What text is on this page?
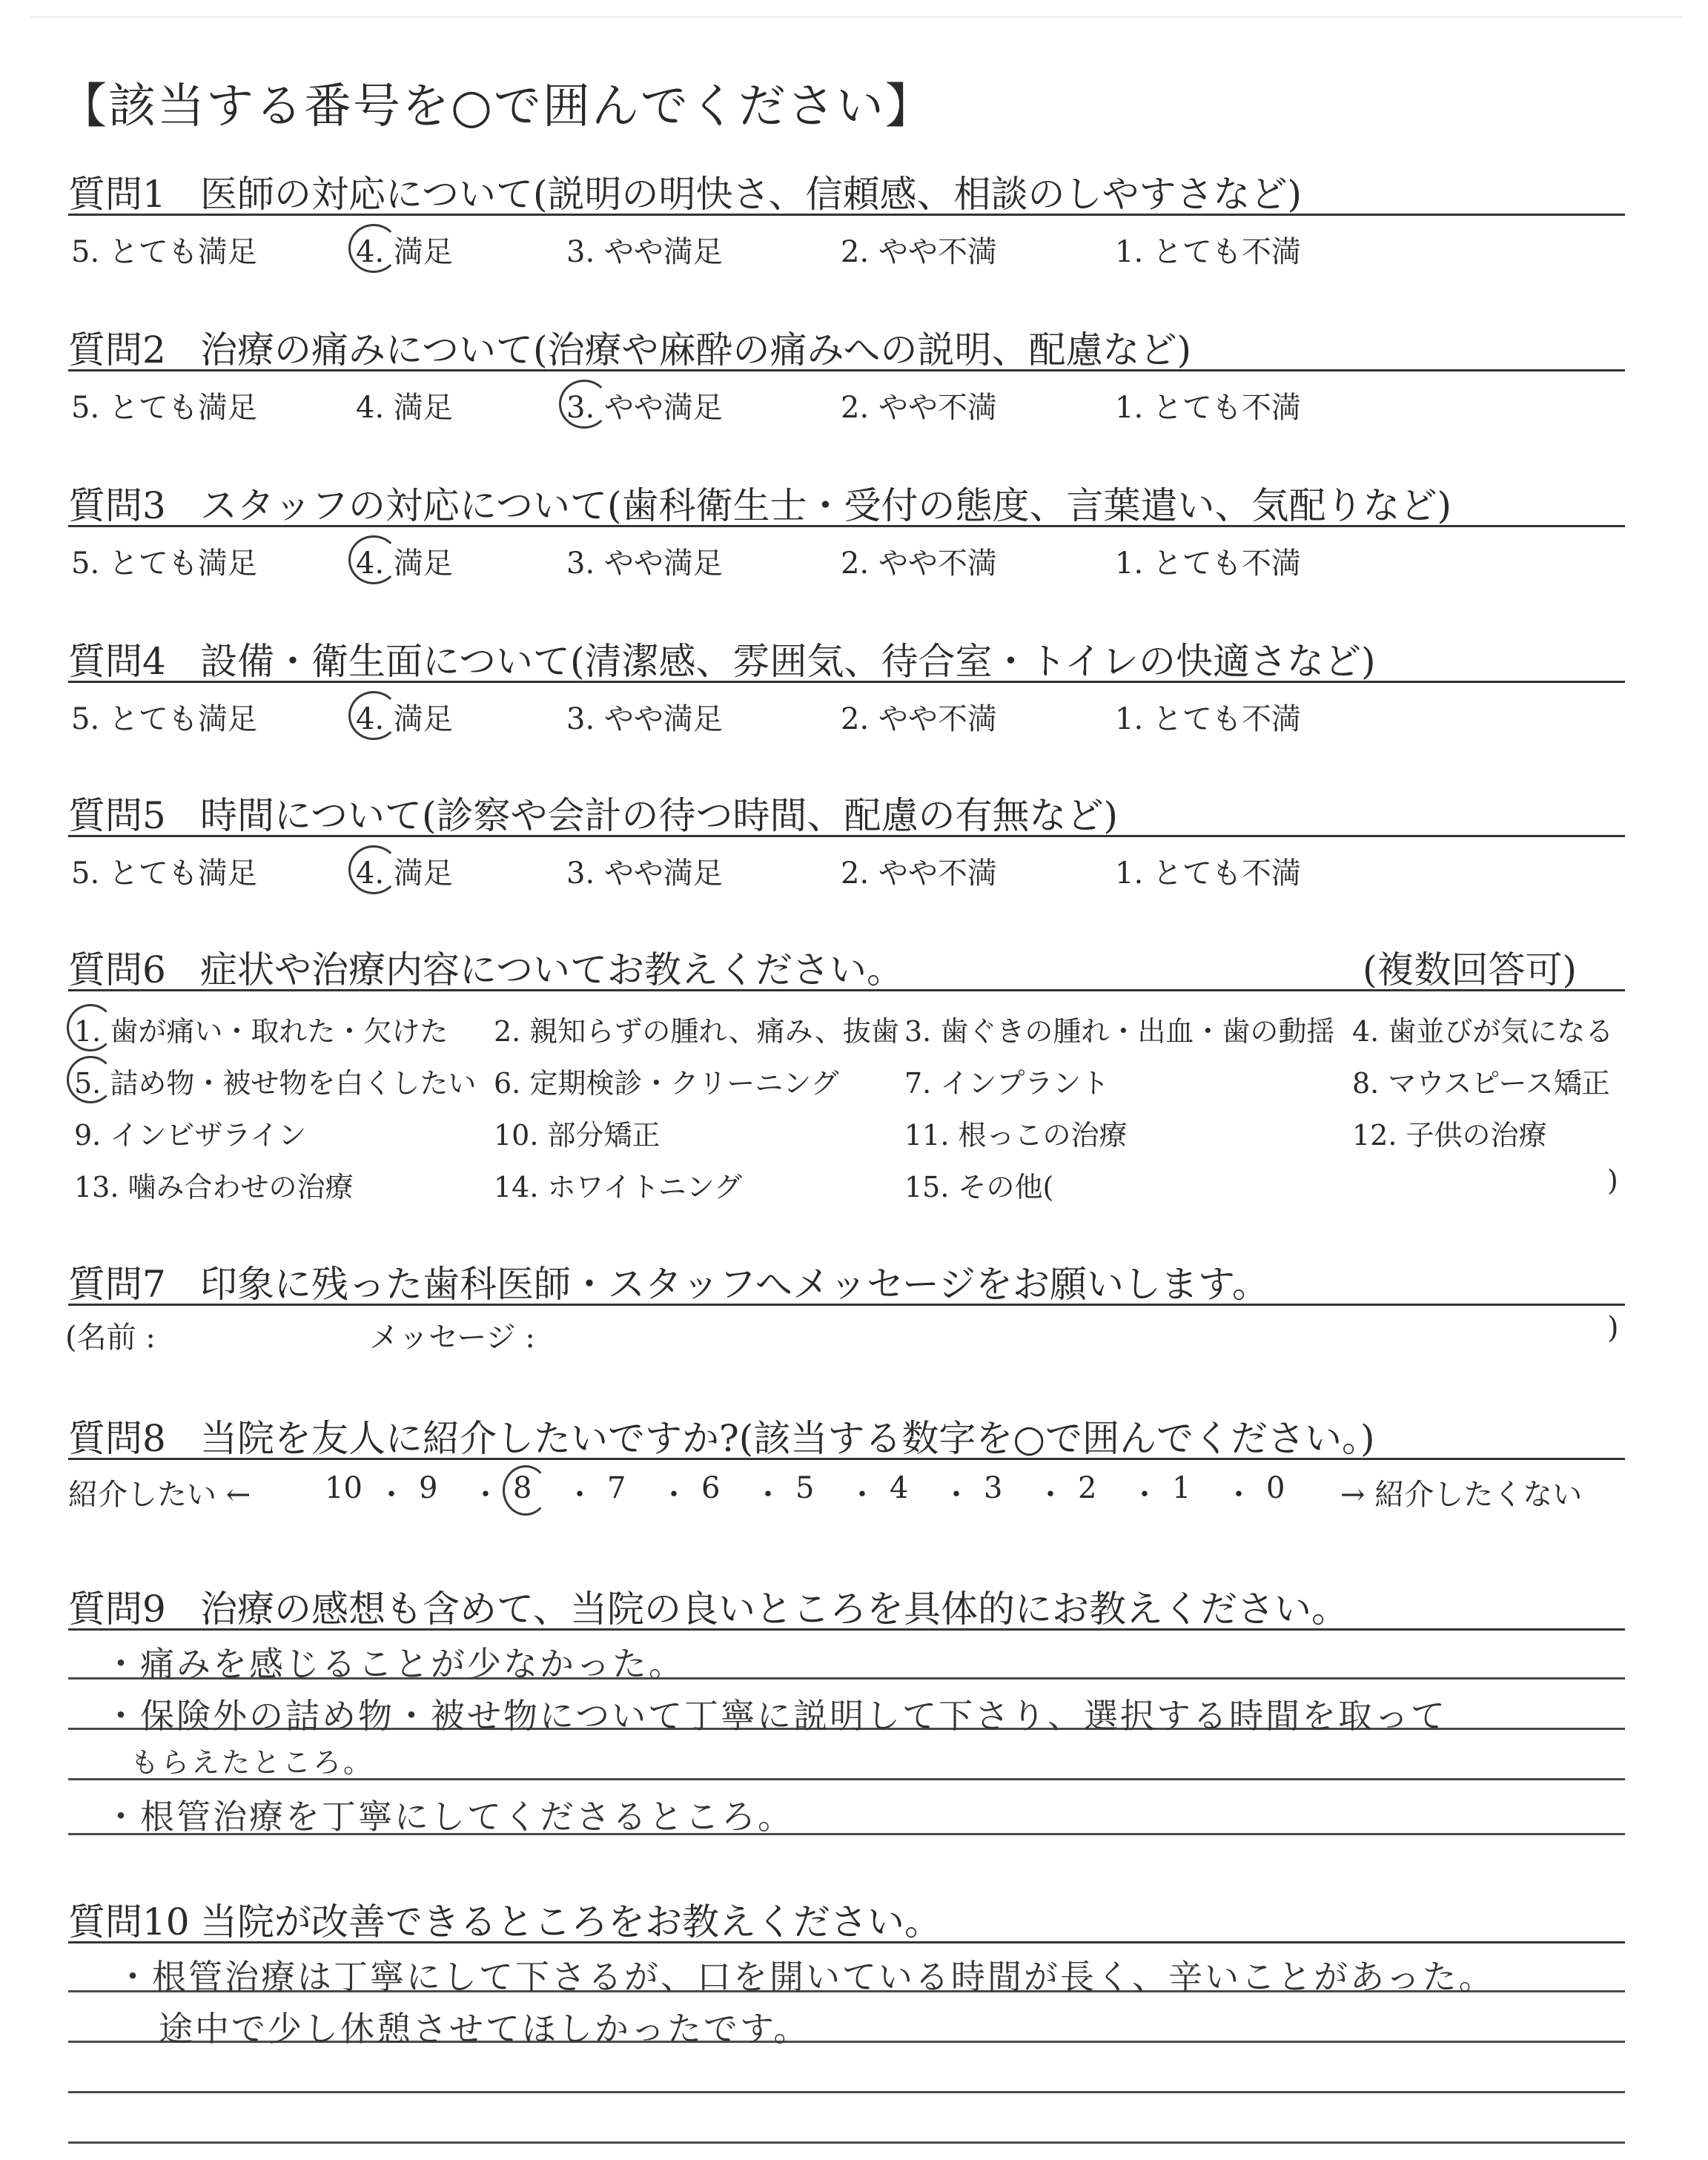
【該当する番号を○で囲んでください】
質問1 医師の対応について(説明の明快さ、信頼感、相談のしやすさなど)
5. とても満足	4. 満足	3. やや満足	2. やや不満	1. とても不満
質問2 治療の痛みについて(治療や麻酔の痛みへの説明、配慮など)
5. とても満足	4. 満足	3. やや満足	2. やや不満	1. とても不満
質問3 スタッフの対応について(歯科衛生士・受付の態度、言葉遣い、気配りなど)
5. とても満足	4. 満足	3. やや満足	2. やや不満	1. とても不満
質問4 設備・衛生面について(清潔感、雰囲気、待合室・トイレの快適さなど)
5. とても満足	4. 満足	3. やや満足	2. やや不満	1. とても不満
質問5 時間について(診察や会計の待つ時間、配慮の有無など)
5. とても満足	4. 満足	3. やや満足	2. やや不満	1. とても不満
質問6 症状や治療内容についてお教えください。	(複数回答可)
1. 歯が痛い・取れた・欠けた 2. 親知らずの腫れ、痛み、抜歯 3. 歯ぐきの腫れ・出血・歯の動揺 4. 歯並びが気になる
5. 詰め物・被せ物を白くしたい 6. 定期検診・クリーニング 7. インプラント	8. マウスピース矯正
9. インビザライン	10. 部分矯正	11. 根っこの治療	12. 子供の治療
13. 噛み合わせの治療	14. ホワイトニング	15. その他(	)
質問7 印象に残った歯科医師・スタッフへメッセージをお願いします。
(名前 :	メッセージ :	)
質問8 当院を友人に紹介したいですか?(該当する数字を○で囲んでください。)
紹介したい ←	→ 紹介したくない
10 ・ 9 ・ 8 ・ 7 ・ 6 ・ 5 ・ 4 ・ 3 ・ 2 ・ 1 ・ 0
質問9 治療の感想も含めて、当院の良いところを具体的にお教えください。
・痛みを感じることが少なかった。
・保険外の詰め物・被せ物について丁寧に説明して下さり、選択する時間を取って
もらえたところ。
・根管治療を丁寧にしてくださるところ。
質問10 当院が改善できるところをお教えください。
・根管治療は丁寧にして下さるが、口を開いている時間が長く、辛いことがあった。
途中で少し休憩させてほしかったです。
